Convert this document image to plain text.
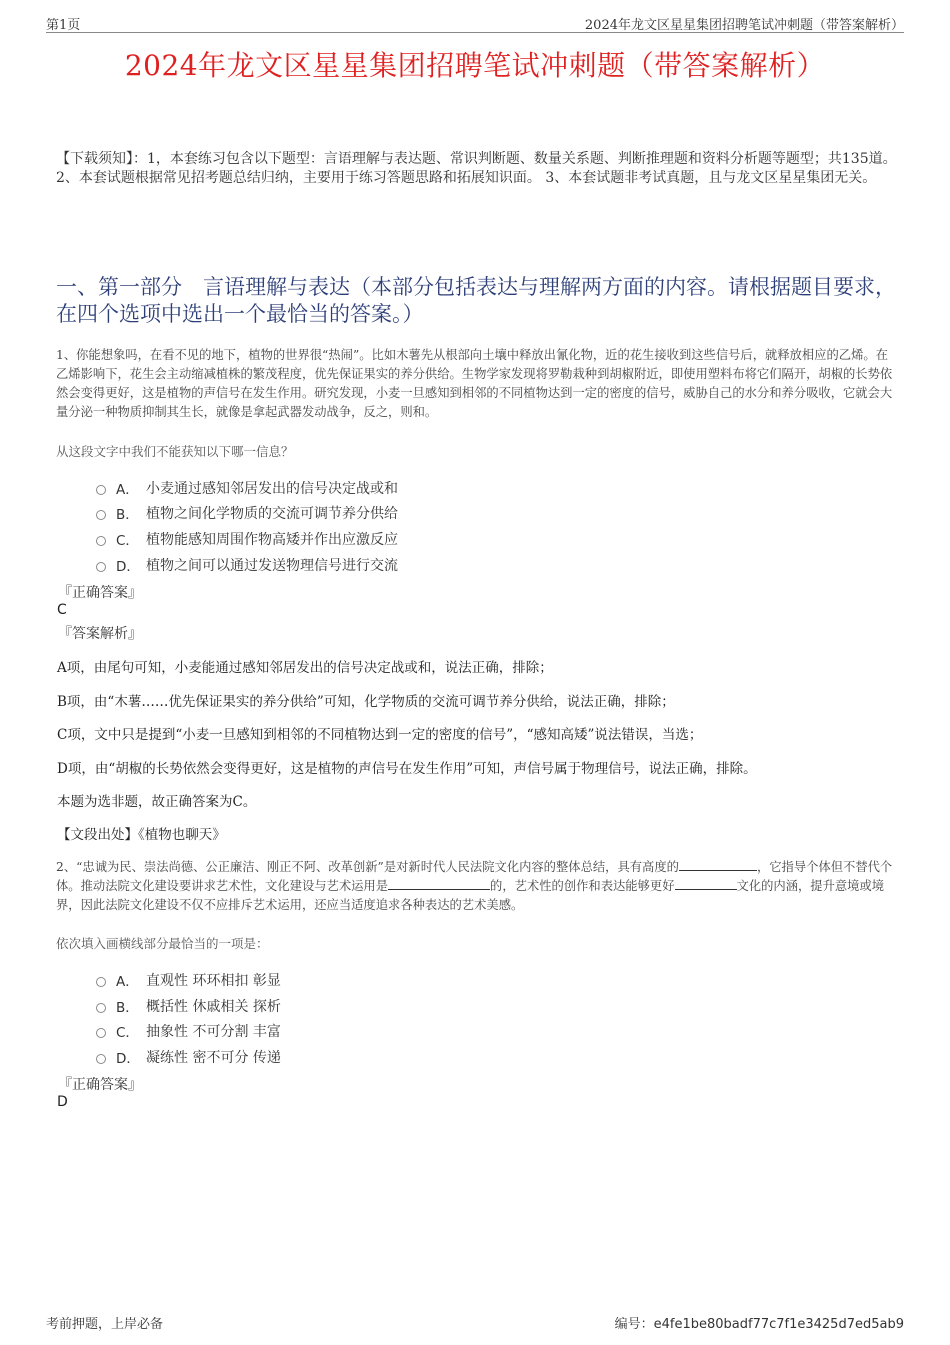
第1页	2024年龙文区星星集团招聘笔试冲刺题（带答案解析）
2024年龙文区星星集团招聘笔试冲刺题（带答案解析）
【下载须知】：1，本套练习包含以下题型：言语理解与表达题、常识判断题、数量关系题、判断推理题和资料分析题等题型；共135道。 2、本套试题根据常见招考题总结归纳，主要用于练习答题思路和拓展知识面。 3、本套试题非考试真题，且与龙文区星星集团无关。
一、第一部分　言语理解与表达（本部分包括表达与理解两方面的内容。请根据题目要求，在四个选项中选出一个最恰当的答案。）
1、你能想象吗，在看不见的地下，植物的世界很“热闹”。比如木薯先从根部向土壤中释放出氰化物，近的花生接收到这些信号后，就释放相应的乙烯。在乙烯影响下，花生会主动缩减植株的繁茂程度，优先保证果实的养分供给。生物学家发现将罗勒栽种到胡椒附近，即使用塑料布将它们隔开，胡椒的长势依然会变得更好，这是植物的声信号在发生作用。研究发现，小麦一旦感知到相邻的不同植物达到一定的密度的信号，威胁自己的水分和养分吸收，它就会大量分泌一种物质抑制其生长，就像是拿起武器发动战争，反之，则和。
从这段文字中我们不能获知以下哪一信息？
A． 小麦通过感知邻居发出的信号决定战或和
B． 植物之间化学物质的交流可调节养分供给
C． 植物能感知周围作物高矮并作出应激反应
D． 植物之间可以通过发送物理信号进行交流
『正确答案』
C
『答案解析』
A项，由尾句可知，小麦能通过感知邻居发出的信号决定战或和，说法正确，排除；
B项，由“木薯……优先保证果实的养分供给”可知，化学物质的交流可调节养分供给，说法正确，排除；
C项，文中只是提到“小麦一旦感知到相邻的不同植物达到一定的密度的信号”，“感知高矮”说法错误，当选；
D项，由“胡椒的长势依然会变得更好，这是植物的声信号在发生作用”可知，声信号属于物理信号，说法正确，排除。
本题为选非题，故正确答案为C。
【文段出处】《植物也聊天》
2、“忠诚为民、崇法尚德、公正廉洁、刚正不阿、改革创新”是对新时代人民法院文化内容的整体总结，具有高度的	，它指导个体但不替代个体。推动法院文化建设要讲求艺术性，文化建设与艺术运用是	的，艺术性的创作和表达能够更好	文化的内涵，提升意境或境界，因此法院文化建设不仅不应排斥艺术运用，还应当适度追求各种表达的艺术美感。
依次填入画横线部分最恰当的一项是：
A． 直观性 环环相扣 彰显
B． 概括性 休戚相关 探析
C． 抽象性 不可分割 丰富
D． 凝练性 密不可分 传递
『正确答案』
D
考前押题，上岸必备	编号：e4fe1be80badf77c7f1e3425d7ed5ab9
